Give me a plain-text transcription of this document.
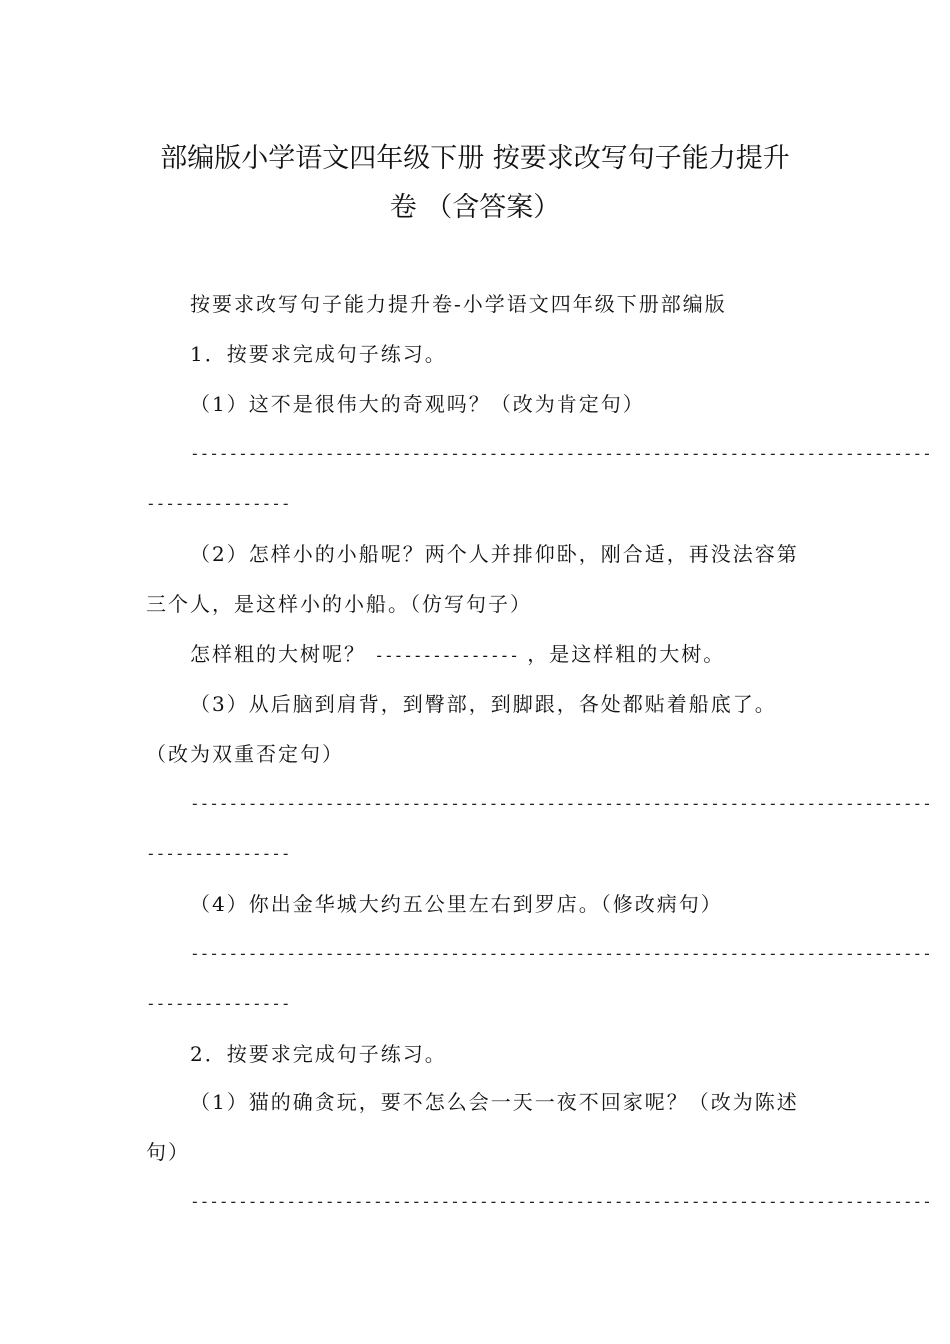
部编版小学语文四年级下册 按要求改写句子能力提升
卷 （含答案）
按要求改写句子能力提升卷-小学语文四年级下册部编版
1．按要求完成句子练习。
（1）这不是很伟大的奇观吗？（改为肯定句）
-----------------------------------------------------------------------------
---------------
（2）怎样小的小船呢？两个人并排仰卧，刚合适，再没法容第
三个人，是这样小的小船。（仿写句子）
怎样粗的大树呢？ --------------- ，是这样粗的大树。
（3）从后脑到肩背，到臀部，到脚跟，各处都贴着船底了。
（改为双重否定句）
-----------------------------------------------------------------------------
---------------
（4）你出金华城大约五公里左右到罗店。（修改病句）
-----------------------------------------------------------------------------
---------------
2．按要求完成句子练习。
（1）猫的确贪玩，要不怎么会一天一夜不回家呢？（改为陈述
句）
-----------------------------------------------------------------------------
